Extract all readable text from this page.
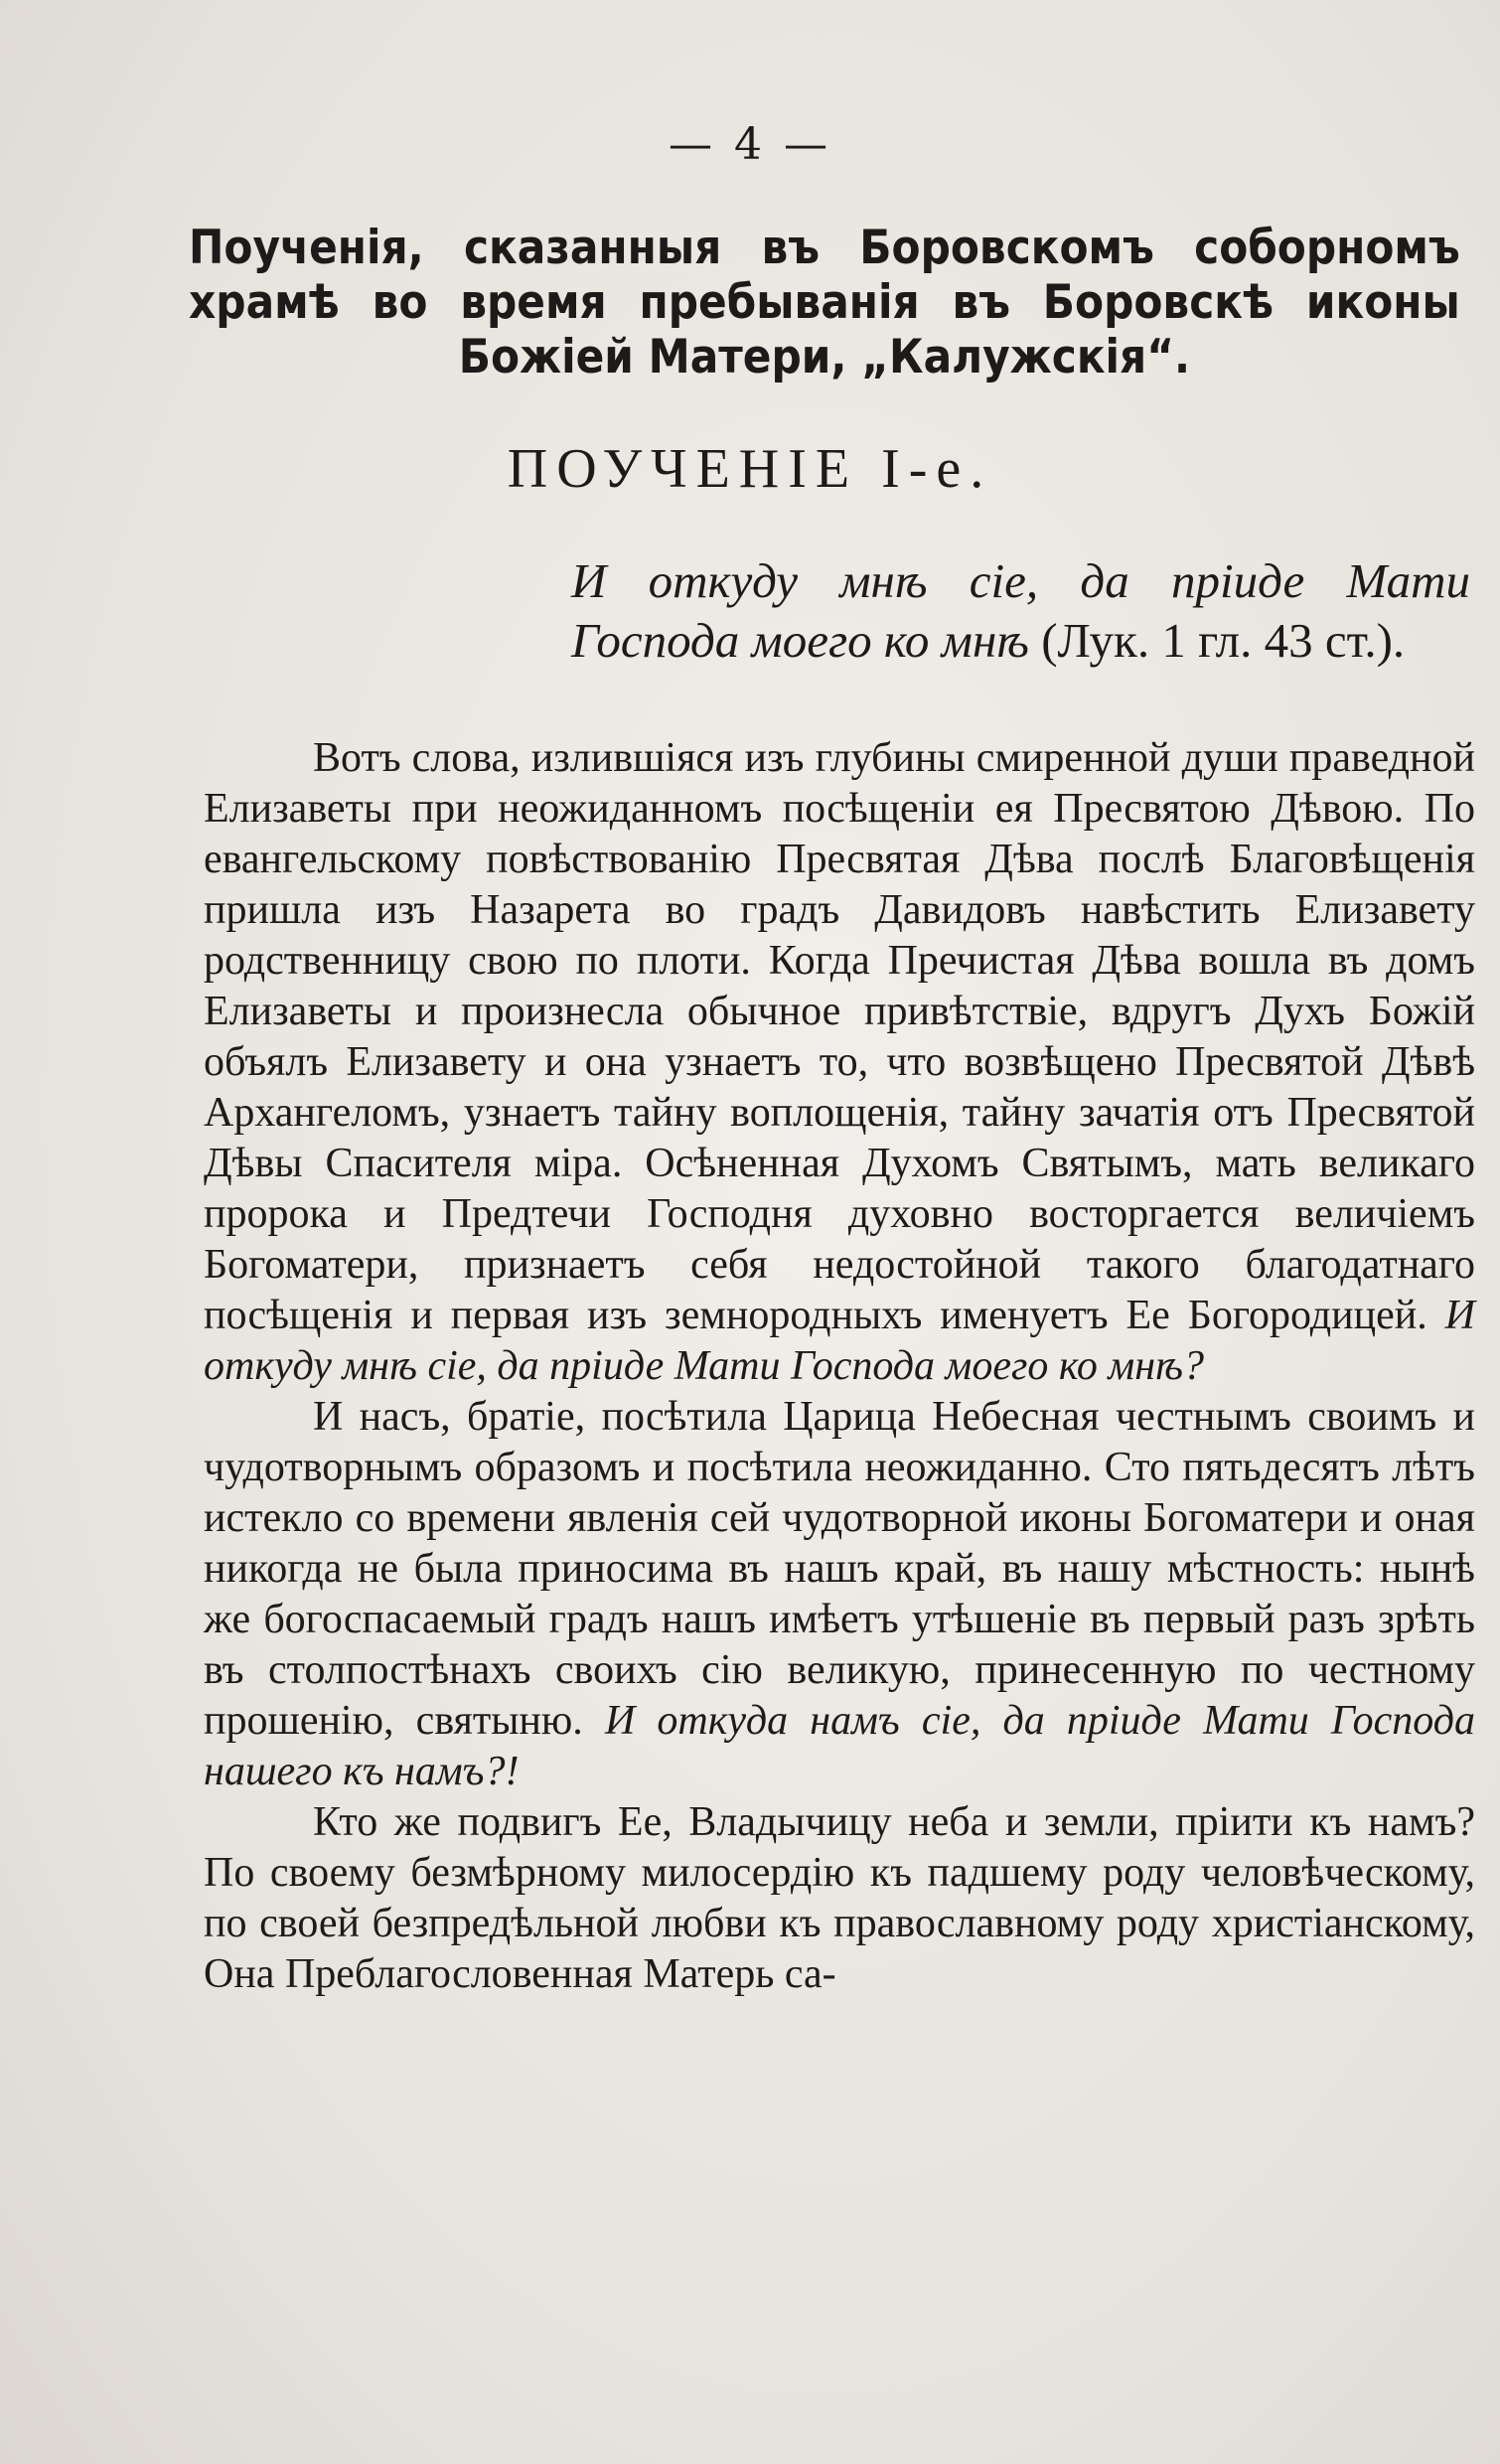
— 4 —
Поученія, сказанныя въ Боровскомъ соборномъ храмѣ во время пребыванія въ Боровскѣ иконы Божіей Матери, „Калужскія“.
ПОУЧЕНІЕ I-е.
И откуду мнѣ сіе, да пріиде Мати Господа моего ко мнѣ (Лук. 1 гл. 43 ст.).

Вотъ слова, излившіяся изъ глубины смиренной души праведной Елизаветы при неожиданномъ посѣщеніи ея Пресвятою Дѣвою. По евангельскому повѣствованію Пресвятая Дѣва послѣ Благовѣщенія пришла изъ Назарета во градъ Давидовъ навѣстить Елизавету родственницу свою по плоти. Когда Пречистая Дѣва вошла въ домъ Елизаветы и произнесла обычное привѣтствіе, вдругъ Духъ Божій объялъ Елизавету и она узнаетъ то, что возвѣщено Пресвятой Дѣвѣ Архангеломъ, узнаетъ тайну воплощенія, тайну зачатія отъ Пресвятой Дѣвы Спасителя міра. Осѣненная Духомъ Святымъ, мать великаго пророка и Предтечи Господня духовно восторгается величіемъ Богоматери, признаетъ себя недостойной такого благодатнаго посѣщенія и первая изъ земнородныхъ именуетъ Ее Богородицей. И откуду мнѣ сіе, да пріиде Мати Господа моего ко мнѣ?

И насъ, братіе, посѣтила Царица Небесная честнымъ своимъ и чудотворнымъ образомъ и посѣтила неожиданно. Сто пятьдесятъ лѣтъ истекло со времени явленія сей чудотворной иконы Богоматери и оная никогда не была приносима въ нашъ край, въ нашу мѣстность: нынѣ же богоспасаемый градъ нашъ имѣетъ утѣшеніе въ первый разъ зрѣть въ столпостѣнахъ своихъ сію великую, принесенную по честному прошенію, святыню. И откуда намъ сіе, да пріиде Мати Господа нашего къ намъ?!

Кто же подвигъ Ее, Владычицу неба и земли, пріити къ намъ? По своему безмѣрному милосердію къ падшему роду человѣческому, по своей безпредѣльной любви къ православному роду христіанскому, Она Преблагословенная Матерь са-
